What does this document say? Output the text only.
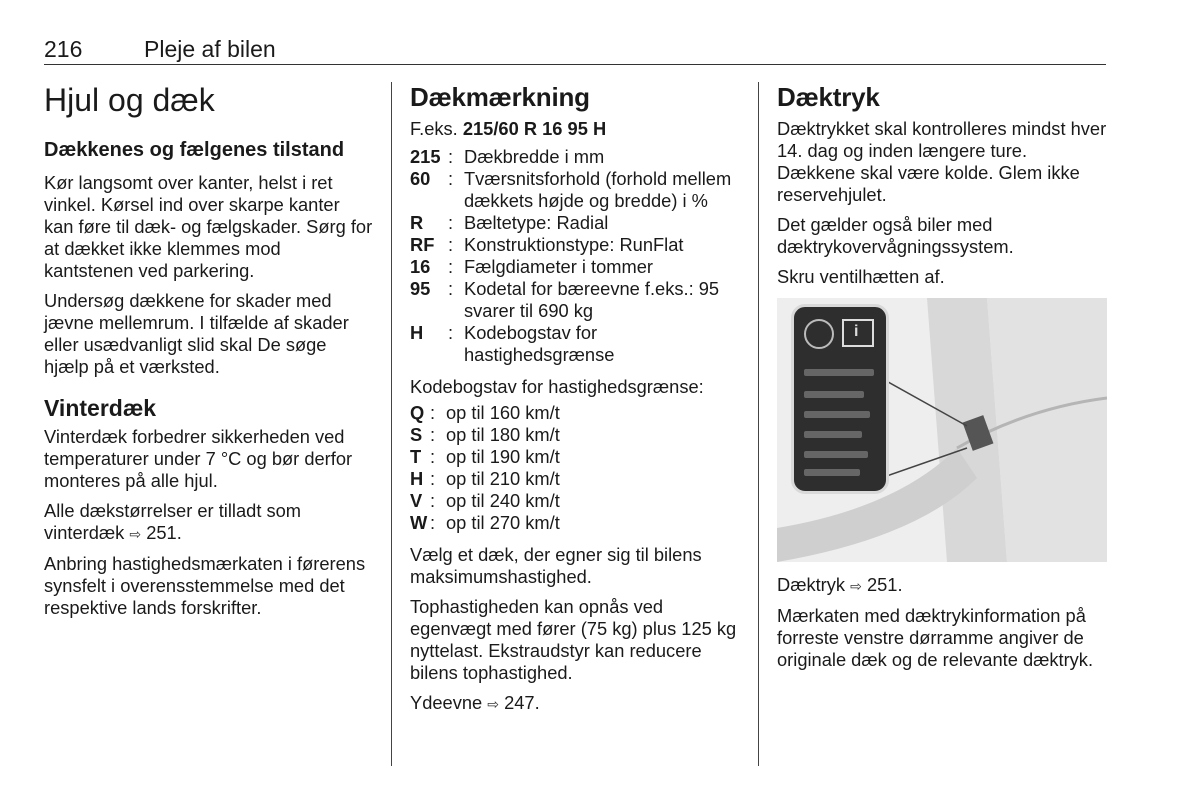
216	Pleje af bilen
Hjul og dæk
Dækkenes og fælgenes tilstand

Kør langsomt over kanter, helst i ret vinkel. Kørsel ind over skarpe kanter kan føre til dæk- og fælgskader. Sørg for at dækket ikke klemmes mod kantstenen ved parkering.

Undersøg dækkene for skader med jævne mellemrum. I tilfælde af skader eller usædvanligt slid skal De søge hjælp på et værksted.

Vinterdæk

Vinterdæk forbedrer sikkerheden ved temperaturer under 7 °C og bør derfor monteres på alle hjul.

Alle dækstørrelser er tilladt som vinterdæk ⇨ 251.

Anbring hastighedsmærkaten i førerens synsfelt i overensstemmelse med det respektive lands forskrifter.

Dækmærkning

F.eks. 215/60 R 16 95 H

215 : Dækbredde i mm
60 : Tværsnitsforhold (forhold mellem dækkets højde og bredde) i %
R	: Bæltetype: Radial
RF : Konstruktionstype: RunFlat
16 : Fælgdiameter i tommer
95 : Kodetal for bæreevne f.eks.: 95 svarer til 690 kg
H	: Kodebogstav for hastighedsgrænse

Kodebogstav for hastighedsgrænse:

Q : op til 160 km/t
S : op til 180 km/t
T : op til 190 km/t
H : op til 210 km/t
V : op til 240 km/t
W : op til 270 km/t

Vælg et dæk, der egner sig til bilens maksimumshastighed.

Tophastigheden kan opnås ved egenvægt med fører (75 kg) plus 125 kg nyttelast. Ekstraudstyr kan reducere bilens tophastighed.

Ydeevne ⇨ 247.

Dæktryk

Dæktrykket skal kontrolleres mindst hver 14. dag og inden længere ture. Dækkene skal være kolde. Glem ikke reservehjulet.

Det gælder også biler med dæktrykovervågningssystem.

Skru ventilhætten af.

i

Dæktryk ⇨ 251.

Mærkaten med dæktrykinformation på forreste venstre dørramme angiver de originale dæk og de relevante dæktryk.
